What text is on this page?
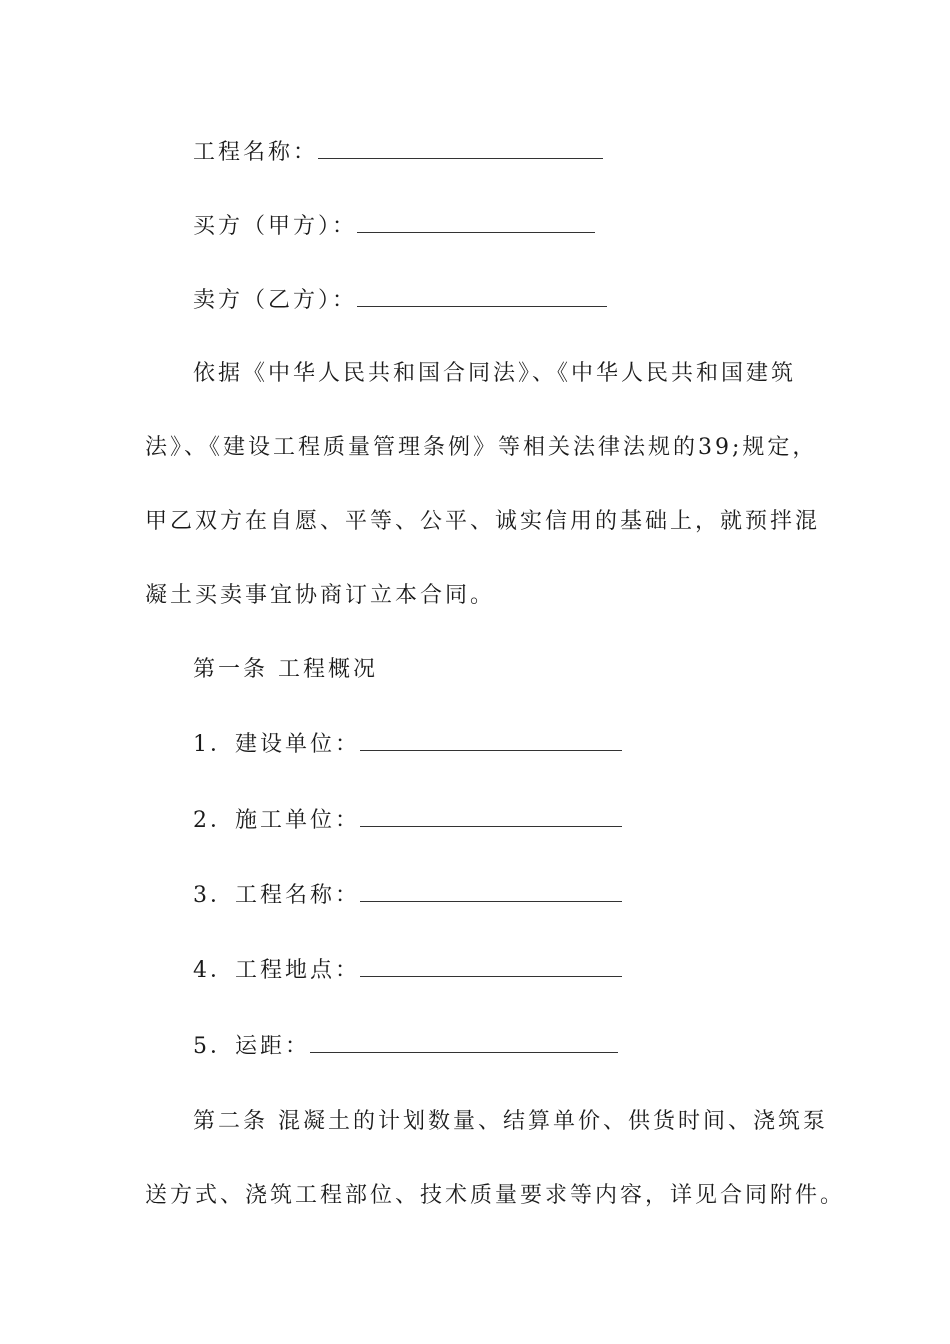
工程名称：
买方（甲方）：
卖方（乙方）：
依据《中华人民共和国合同法》、《中华人民共和国建筑
法》、《建设工程质量管理条例》等相关法律法规的39;规定，
甲乙双方在自愿、平等、公平、诚实信用的基础上，就预拌混
凝土买卖事宜协商订立本合同。
第一条 工程概况
1．建设单位：
2．施工单位：
3．工程名称：
4．工程地点：
5．运距：
第二条 混凝土的计划数量、结算单价、供货时间、浇筑泵
送方式、浇筑工程部位、技术质量要求等内容，详见合同附件。
